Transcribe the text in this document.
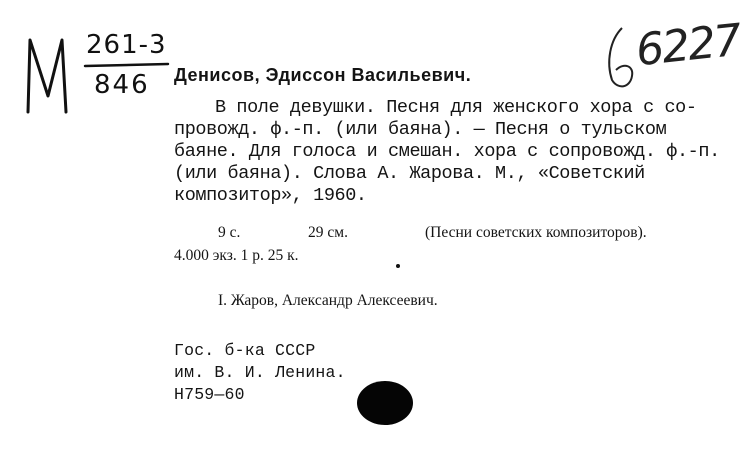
261-3
846
6227
Денисов, Эдиссон Васильевич.
В поле девушки. Песня для женского хора с со-
провожд. ф.-п. (или баяна). — Песня о тульском
баяне. Для голоса и смешан. хора с сопровожд. ф.-п.
(или баяна). Слова А. Жарова. М., «Советский
композитор», 1960.
9 с.	29 см.	(Песни советских композиторов).
4.000 экз. 1 р. 25 к.
I. Жаров, Александр Алексеевич.
Гос. б-ка СССР
им. В. И. Ленина.
Н759—60
